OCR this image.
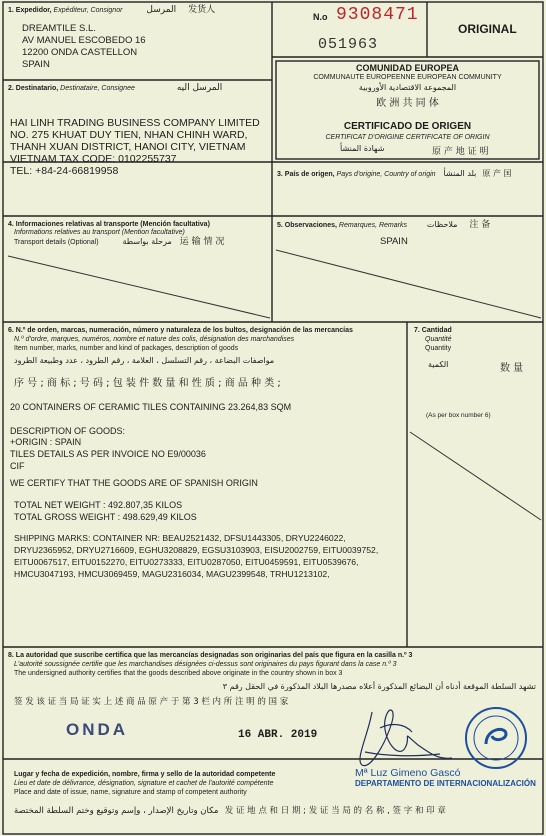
1. Expedidor, Expéditeur, Consignor	المرسل 发货人
DREAMTILE S.L.
AV MANUEL ESCOBEDO 16
12200 ONDA CASTELLON
SPAIN
N.o 9308471
051963
ORIGINAL
COMUNIDAD EUROPEA
COMMUNAUTE EUROPEENNE EUROPEAN COMMUNITY
المجموعة الاقتصادية الأوروبية
欧 洲 共 同 体
CERTIFICADO DE ORIGEN
CERTIFICAT D'ORIGINE CERTIFICATE OF ORIGIN
شهادة المنشأ	原 产 地 证 明
2. Destinatario, Destinataire, Consignee	المرسل اليه
HAI LINH TRADING BUSINESS COMPANY LIMITED
NO. 275 KHUAT DUY TIEN, NHAN CHINH WARD,
THANH XUAN DISTRICT, HANOI CITY, VIETNAM
VIETNAM TAX CODE: 0102255737
TEL: +84-24-66819958	3. País de origen, Pays d'origine, Country of origin بلد المنشأ 原 产 国
4. Informaciones relativas al transporte (Mención facultativa)
Informations relatives au transport (Mention facultative)
Transport details (Optional)	مرحلة بواسطة 运 输 情 况
5. Observaciones, Remarques, Remarks ملاحظات 注 备
SPAIN
6. N.º de orden, marcas, numeración, número y naturaleza de los bultos, designación de las mercancías
N.º d'ordre, marques, numéros, nombre et nature des colis, désignation des marchandises
Item number, marks, number and kind of packages, description of goods
مواصفات البضاعة ، رقم التسلسل ، العلامة ، رقم الطرود ، عدد وطبيعة الطرود
序 号 ; 商 标 ; 号 码 ; 包 装 件 数 量 和 性 质 ; 商 品 种 类 ;
20 CONTAINERS OF CERAMIC TILES CONTAINING 23.264,83 SQM
DESCRIPTION OF GOODS:
+ORIGIN : SPAIN
TILES DETAILS AS PER INVOICE NO E9/00036
CIF
WE CERTIFY THAT THE GOODS ARE OF SPANISH ORIGIN
TOTAL NET WEIGHT : 492.807,35 KILOS
TOTAL GROSS WEIGHT : 498.629,49 KILOS
SHIPPING MARKS: CONTAINER NR: BEAU2521432, DFSU1443305, DRYU2246022,
DRYU2365952, DRYU2716609, EGHU3208829, EGSU3103903, EISU2002759, EITU0039752,
EITU0067517, EITU0152270, EITU0273333, EITU0287050, EITU0459591, EITU0539676,
HMCU3047193, HMCU3069459, MAGU2316034, MAGU2399548, TRHU1213102,
7. Cantidad
Quantité
Quantity
الكمية	数 量
(As per box number 6)
8. La autoridad que suscribe certifica que las mercancías designadas son originarias del país que figura en la casilla n.º 3
L'autorité soussignée certifie que les marchandises désignées ci-dessus sont originaires du pays figurant dans la case n.º 3
The undersigned authority certifies that the goods described above originate in the country shown in box 3
تشهد السلطة الموقعة أدناه أن البضائع المذكورة أعلاه مصدرها البلاد المذكورة في الحقل رقم ٣
签 发 该 证 当 局 证 实 上 述 商 品 原 产 于 第 3 栏 内 所 注 明 的 国 家
ONDA	16 ABR. 2019
Mª Luz Gimeno Gascó
DEPARTAMENTO DE INTERNACIONALIZACIÓN
Lugar y fecha de expedición, nombre, firma y sello de la autoridad competente
Lieu et date de délivrance, désignation, signature et cachet de l'autorité compétente
Place and date of issue, name, signature and stamp of competent authority
مكان وتاريخ الإصدار ، وإسم وتوقيع وختم السلطة المختصة 发 证 地 点 和 日 期 ; 发 证 当 局 的 名 称 , 签 字 和 印 章
